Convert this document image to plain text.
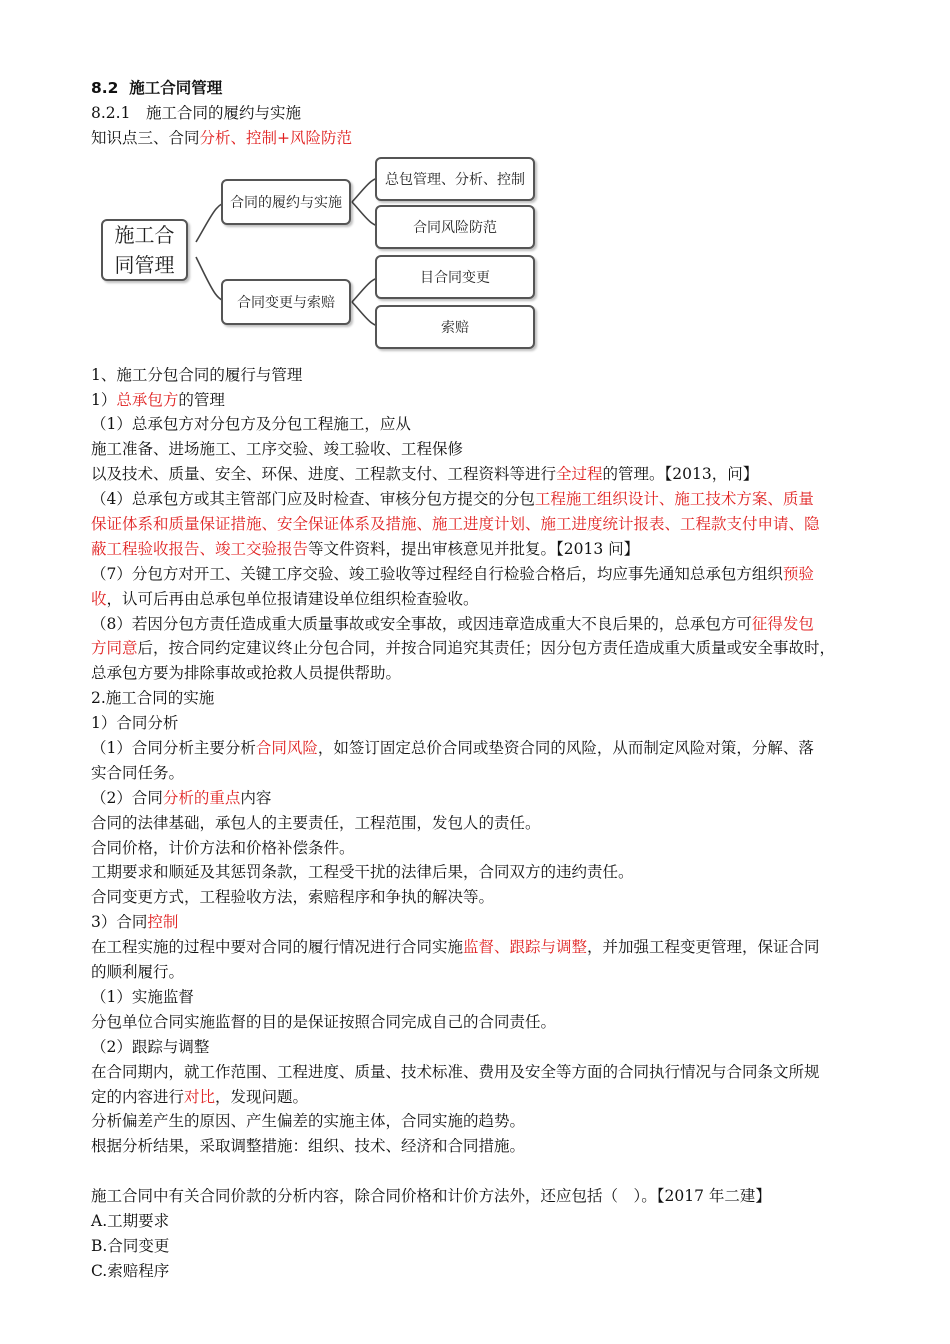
8.2 施工合同管理
8.2.1　施工合同的履约与实施
知识点三、合同分析、控制+风险防范
施工合
同管理
合同的履约与实施
合同变更与索赔
总包管理、分析、控制
合同风险防范
目合同变更
索赔
1、施工分包合同的履行与管理
1）总承包方的管理
（1）总承包方对分包方及分包工程施工，应从
施工准备、进场施工、工序交验、竣工验收、工程保修
以及技术、质量、安全、环保、进度、工程款支付、工程资料等进行全过程的管理。【2013，问】
（4）总承包方或其主管部门应及时检查、审核分包方提交的分包工程施工组织设计、施工技术方案、质量
保证体系和质量保证措施、安全保证体系及措施、施工进度计划、施工进度统计报表、工程款支付申请、隐
蔽工程验收报告、竣工交验报告等文件资料，提出审核意见并批复。【2013 问】
（7）分包方对开工、关键工序交验、竣工验收等过程经自行检验合格后，均应事先通知总承包方组织预验
收，认可后再由总承包单位报请建设单位组织检查验收。
（8）若因分包方责任造成重大质量事故或安全事故，或因违章造成重大不良后果的，总承包方可征得发包
方同意后，按合同约定建议终止分包合同，并按合同追究其责任；因分包方责任造成重大质量或安全事故时，
总承包方要为排除事故或抢救人员提供帮助。
2.施工合同的实施
1）合同分析
（1）合同分析主要分析合同风险，如签订固定总价合同或垫资合同的风险，从而制定风险对策，分解、落
实合同任务。
（2）合同分析的重点内容
合同的法律基础，承包人的主要责任，工程范围，发包人的责任。
合同价格，计价方法和价格补偿条件。
工期要求和顺延及其惩罚条款，工程受干扰的法律后果，合同双方的违约责任。
合同变更方式，工程验收方法，索赔程序和争执的解决等。
3）合同控制
在工程实施的过程中要对合同的履行情况进行合同实施监督、跟踪与调整，并加强工程变更管理，保证合同
的顺利履行。
（1）实施监督
分包单位合同实施监督的目的是保证按照合同完成自己的合同责任。
（2）跟踪与调整
在合同期内，就工作范围、工程进度、质量、技术标准、费用及安全等方面的合同执行情况与合同条文所规
定的内容进行对比，发现问题。
分析偏差产生的原因、产生偏差的实施主体，合同实施的趋势。
根据分析结果，采取调整措施：组织、技术、经济和合同措施。
施工合同中有关合同价款的分析内容，除合同价格和计价方法外，还应包括（　）。【2017 年二建】
A.工期要求
B.合同变更
C.索赔程序
